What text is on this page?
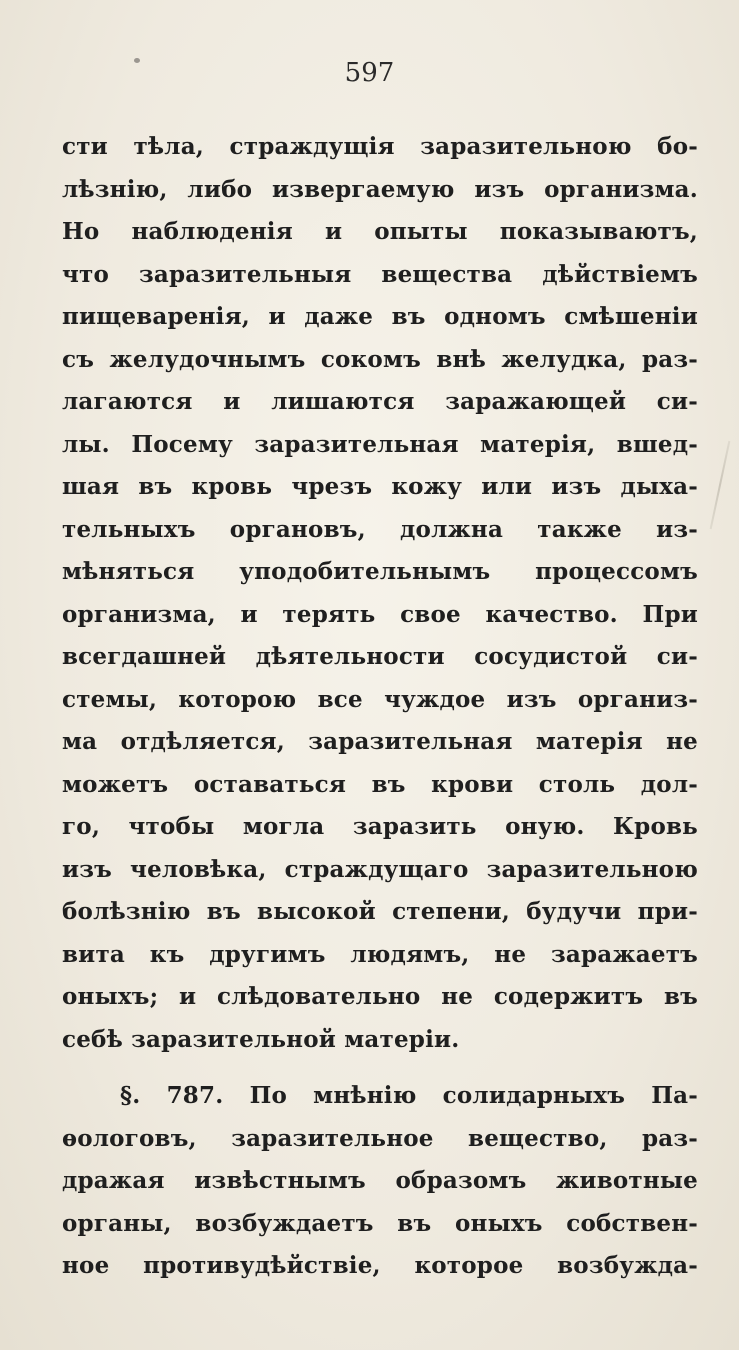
597
сти тѣла, страждущія заразительною бо-
лѣзнію, либо извергаемую изъ организма.
Но наблюденія и опыты показываютъ,
что заразительныя вещества дѣйствіемъ
пищеваренія, и даже въ одномъ смѣшеніи
съ желудочнымъ сокомъ внѣ желудка, раз-
лагаются и лишаются заражающей си-
лы. Посему заразительная матерія, вшед-
шая въ кровь чрезъ кожу или изъ дыха-
тельныхъ органовъ, должна также из-
мѣняться уподобительнымъ процессомъ
организма, и терять свое качество. При
всегдашней дѣятельности сосудистой си-
стемы, которою все чуждое изъ организ-
ма отдѣляется, заразительная матерія не
можетъ оставаться въ крови столь дол-
го, чтобы могла заразить оную. Кровь
изъ человѣка, страждущаго заразительною
болѣзнію въ высокой степени, будучи при-
вита къ другимъ людямъ, не заражаетъ
оныхъ; и слѣдовательно не содержитъ въ
себѣ заразительной матеріи.
§. 787. По мнѣнію солидарныхъ Па-
ѳологовъ, заразительное вещество, раз-
дражая извѣстнымъ образомъ животные
органы, возбуждаетъ въ оныхъ собствен-
ное противудѣйствіе, которое возбужда-
